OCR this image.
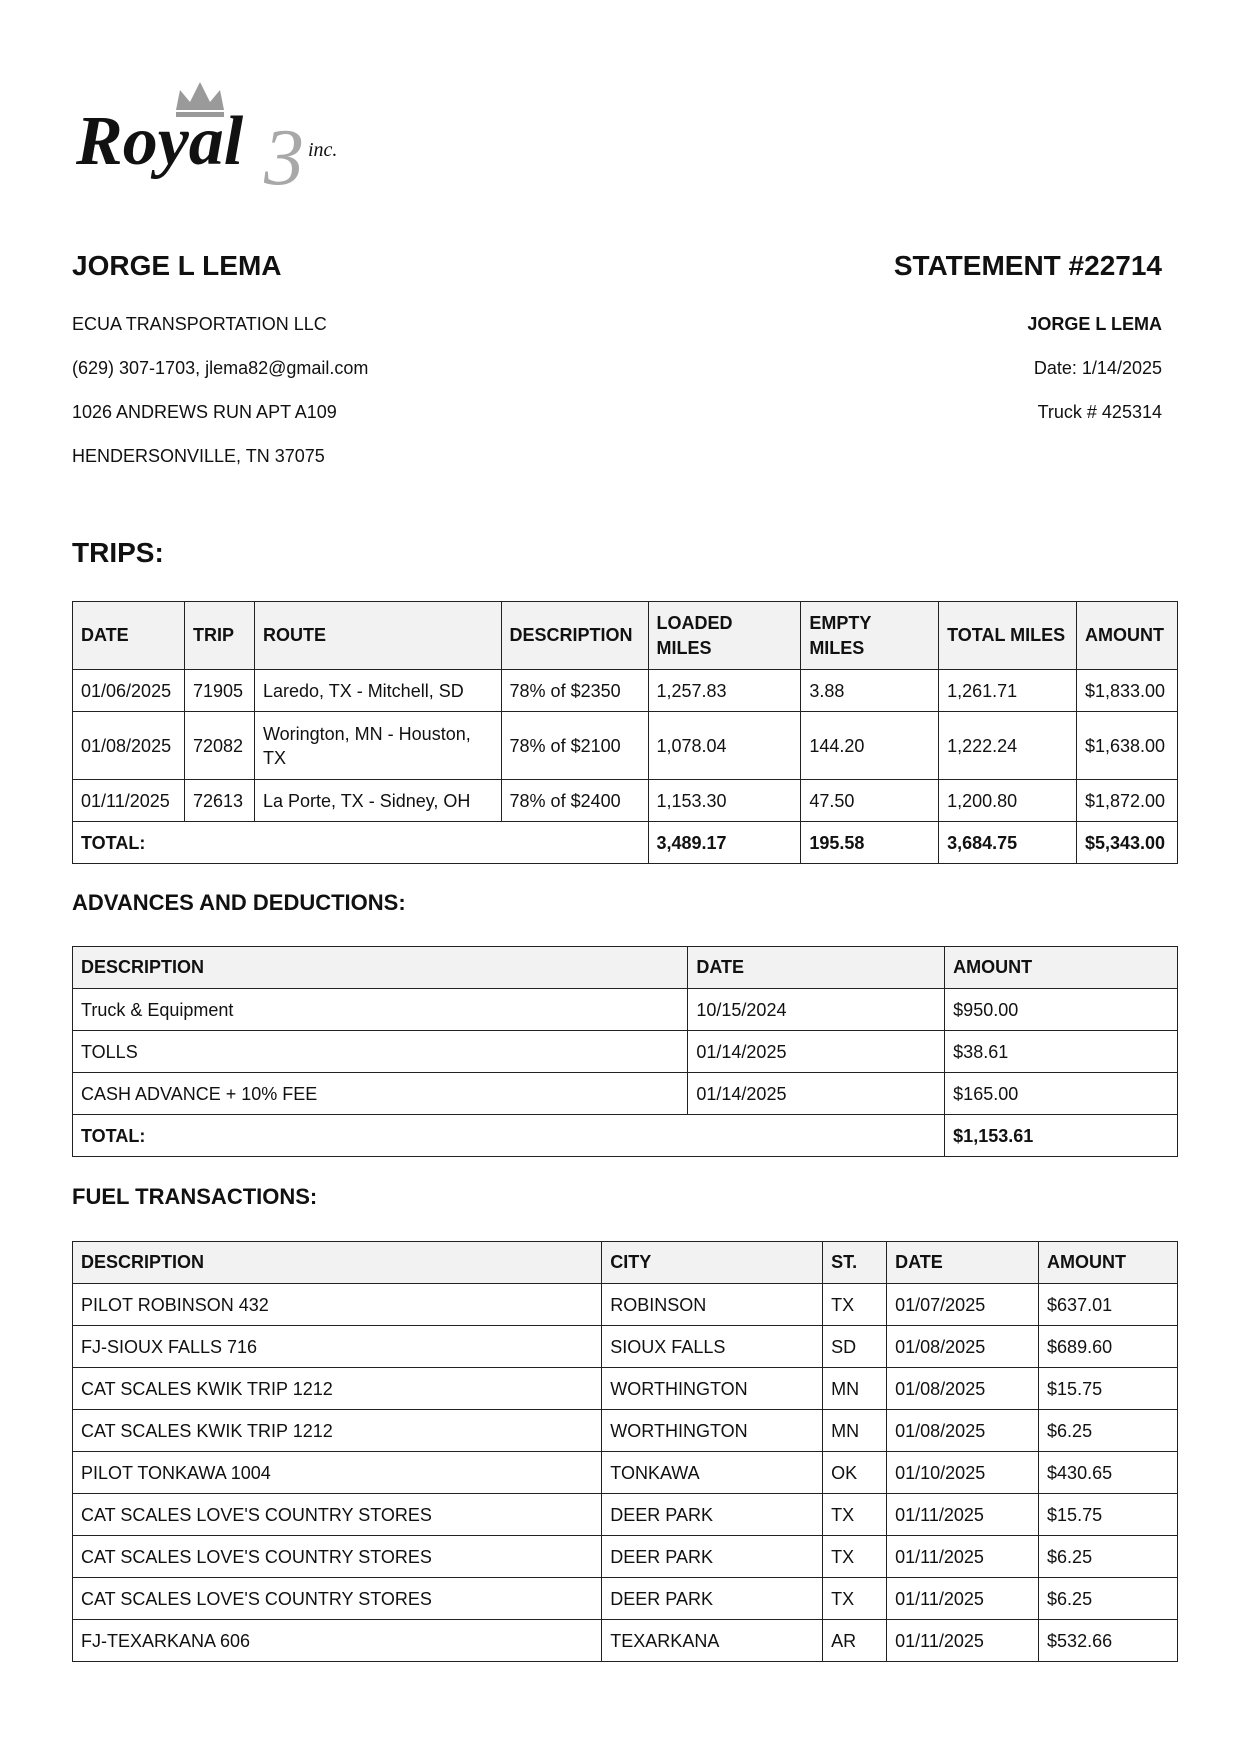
3
Royal	inc.
JORGE L LEMA
ECUA TRANSPORTATION LLC
(629) 307-1703, jlema82@gmail.com
1026 ANDREWS RUN APT A109
HENDERSONVILLE, TN 37075
STATEMENT #22714
JORGE L LEMA
Date: 1/14/2025
Truck # 425314
TRIPS:
DATE	TRIP	ROUTE	DESCRIPTION	LOADED MILES	EMPTY MILES	TOTAL MILES	AMOUNT
01/06/2025	71905	Laredo, TX - Mitchell, SD	78% of $2350	1,257.83	3.88	1,261.71	$1,833.00
01/08/2025	72082	Worington, MN - Houston, TX	78% of $2100	1,078.04	144.20	1,222.24	$1,638.00
01/11/2025	72613	La Porte, TX - Sidney, OH	78% of $2400	1,153.30	47.50	1,200.80	$1,872.00
TOTAL:				3,489.17	195.58	3,684.75	$5,343.00
ADVANCES AND DEDUCTIONS:
DESCRIPTION	DATE	AMOUNT
Truck & Equipment	10/15/2024	$950.00
TOLLS	01/14/2025	$38.61
CASH ADVANCE + 10% FEE	01/14/2025	$165.00
TOTAL:		$1,153.61
FUEL TRANSACTIONS:
DESCRIPTION	CITY	ST.	DATE	AMOUNT
PILOT ROBINSON 432	ROBINSON	TX	01/07/2025	$637.01
FJ-SIOUX FALLS 716	SIOUX FALLS	SD	01/08/2025	$689.60
CAT SCALES KWIK TRIP 1212	WORTHINGTON	MN	01/08/2025	$15.75
CAT SCALES KWIK TRIP 1212	WORTHINGTON	MN	01/08/2025	$6.25
PILOT TONKAWA 1004	TONKAWA	OK	01/10/2025	$430.65
CAT SCALES LOVE'S COUNTRY STORES	DEER PARK	TX	01/11/2025	$15.75
CAT SCALES LOVE'S COUNTRY STORES	DEER PARK	TX	01/11/2025	$6.25
CAT SCALES LOVE'S COUNTRY STORES	DEER PARK	TX	01/11/2025	$6.25
FJ-TEXARKANA 606	TEXARKANA	AR	01/11/2025	$532.66
